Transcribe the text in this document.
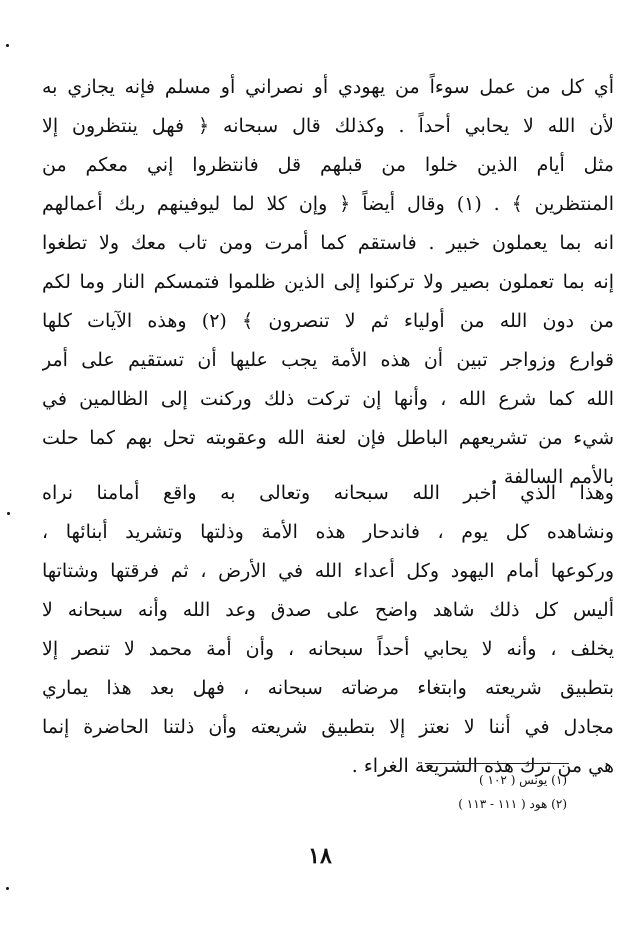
أي كل من عمل سوءاً من يهودي أو نصراني أو مسلم فإنه يجازي به
لأن الله لا يحابي أحداً . وكذلك قال سبحانه ﴿ فهل ينتظرون إلا
مثل أيام الذين خلوا من قبلهم قل فانتظروا إني معكم من
المنتظرين ﴾ . (١) وقال أيضاً ﴿ وإن كلا لما ليوفينهم ربك أعمالهم
انه بما يعملون خبير . فاستقم كما أمرت ومن تاب معك ولا تطغوا
إنه بما تعملون بصير ولا تركنوا إلى الذين ظلموا فتمسكم النار وما لكم
من دون الله من أولياء ثم لا تنصرون ﴾ (٢) وهذه الآيات كلها
قوارع وزواجر تبين أن هذه الأمة يجب عليها أن تستقيم على أمر
الله كما شرع الله ، وأنها إن تركت ذلك وركنت إلى الظالمين في
شيء من تشريعهم الباطل فإن لعنة الله وعقوبته تحل بهم كما حلت
بالأمم السالفة .
وهذا الذي أخبر الله سبحانه وتعالى به واقع أمامنا نراه
ونشاهده كل يوم ، فاندحار هذه الأمة وذلتها وتشريد أبنائها ،
وركوعها أمام اليهود وكل أعداء الله في الأرض ، ثم فرقتها وشتاتها
أليس كل ذلك شاهد واضح على صدق وعد الله وأنه سبحانه لا
يخلف ، وأنه لا يحابي أحداً سبحانه ، وأن أمة محمد لا تنصر إلا
بتطبيق شريعته وابتغاء مرضاته سبحانه ، فهل بعد هذا يماري
مجادل في أننا لا نعتز إلا بتطبيق شريعته وأن ذلتنا الحاضرة إنما
هي من ترك هذه الشريعة الغراء .
(١) يونس ( ١٠٢ )
(٢) هود ( ١١١ - ١١٣ )
١٨
